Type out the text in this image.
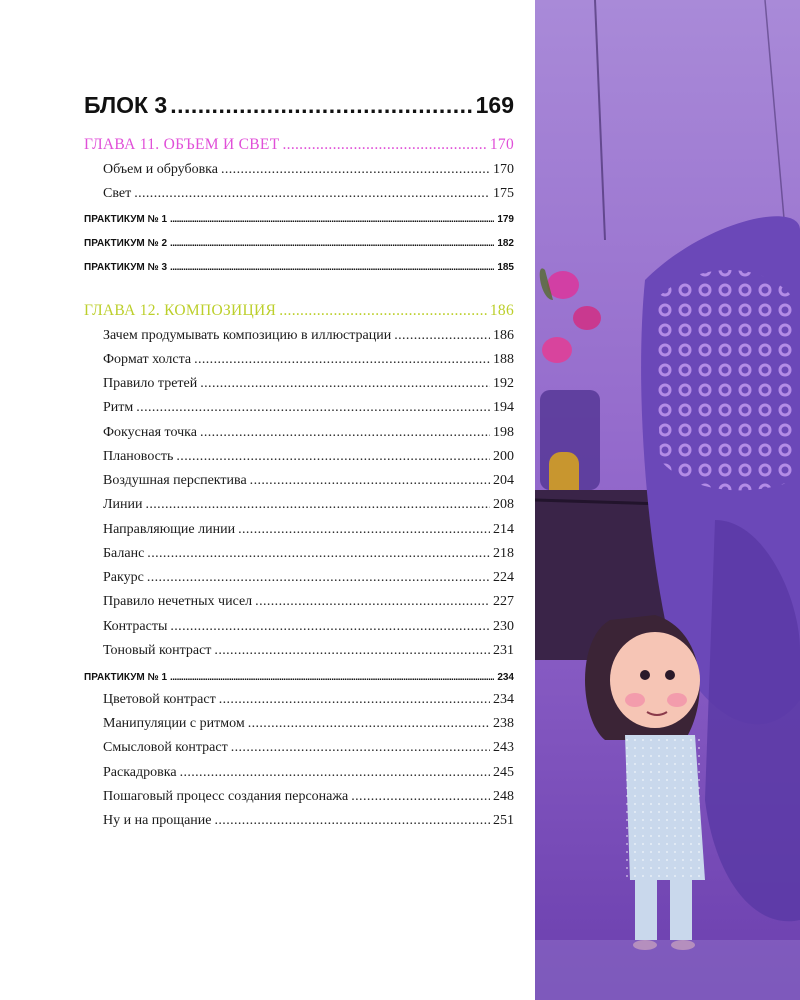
БЛОК 3 .....	169
ГЛАВА 11. ОБЪЕМ И СВЕТ .....	170
Объем и обрубовка .....	170
Свет .....	175
ПРАКТИКУМ № 1 .....	179
ПРАКТИКУМ № 2 .....	182
ПРАКТИКУМ № 3 .....	185
ГЛАВА 12. КОМПОЗИЦИЯ .....	186
Зачем продумывать композицию в иллюстрации .....	186
Формат холста .....	188
Правило третей .....	192
Ритм .....	194
Фокусная точка .....	198
Плановость .....	200
Воздушная перспектива .....	204
Линии .....	208
Направляющие линии .....	214
Баланс .....	218
Ракурс .....	224
Правило нечетных чисел .....	227
Контрасты .....	230
Тоновый контраст .....	231
ПРАКТИКУМ № 1 .....	234
Цветовой контраст .....	234
Манипуляции с ритмом .....	238
Смысловой контраст .....	243
Раскадровка .....	245
Пошаговый процесс создания персонажа .....	248
Ну и на прощание .....	251
